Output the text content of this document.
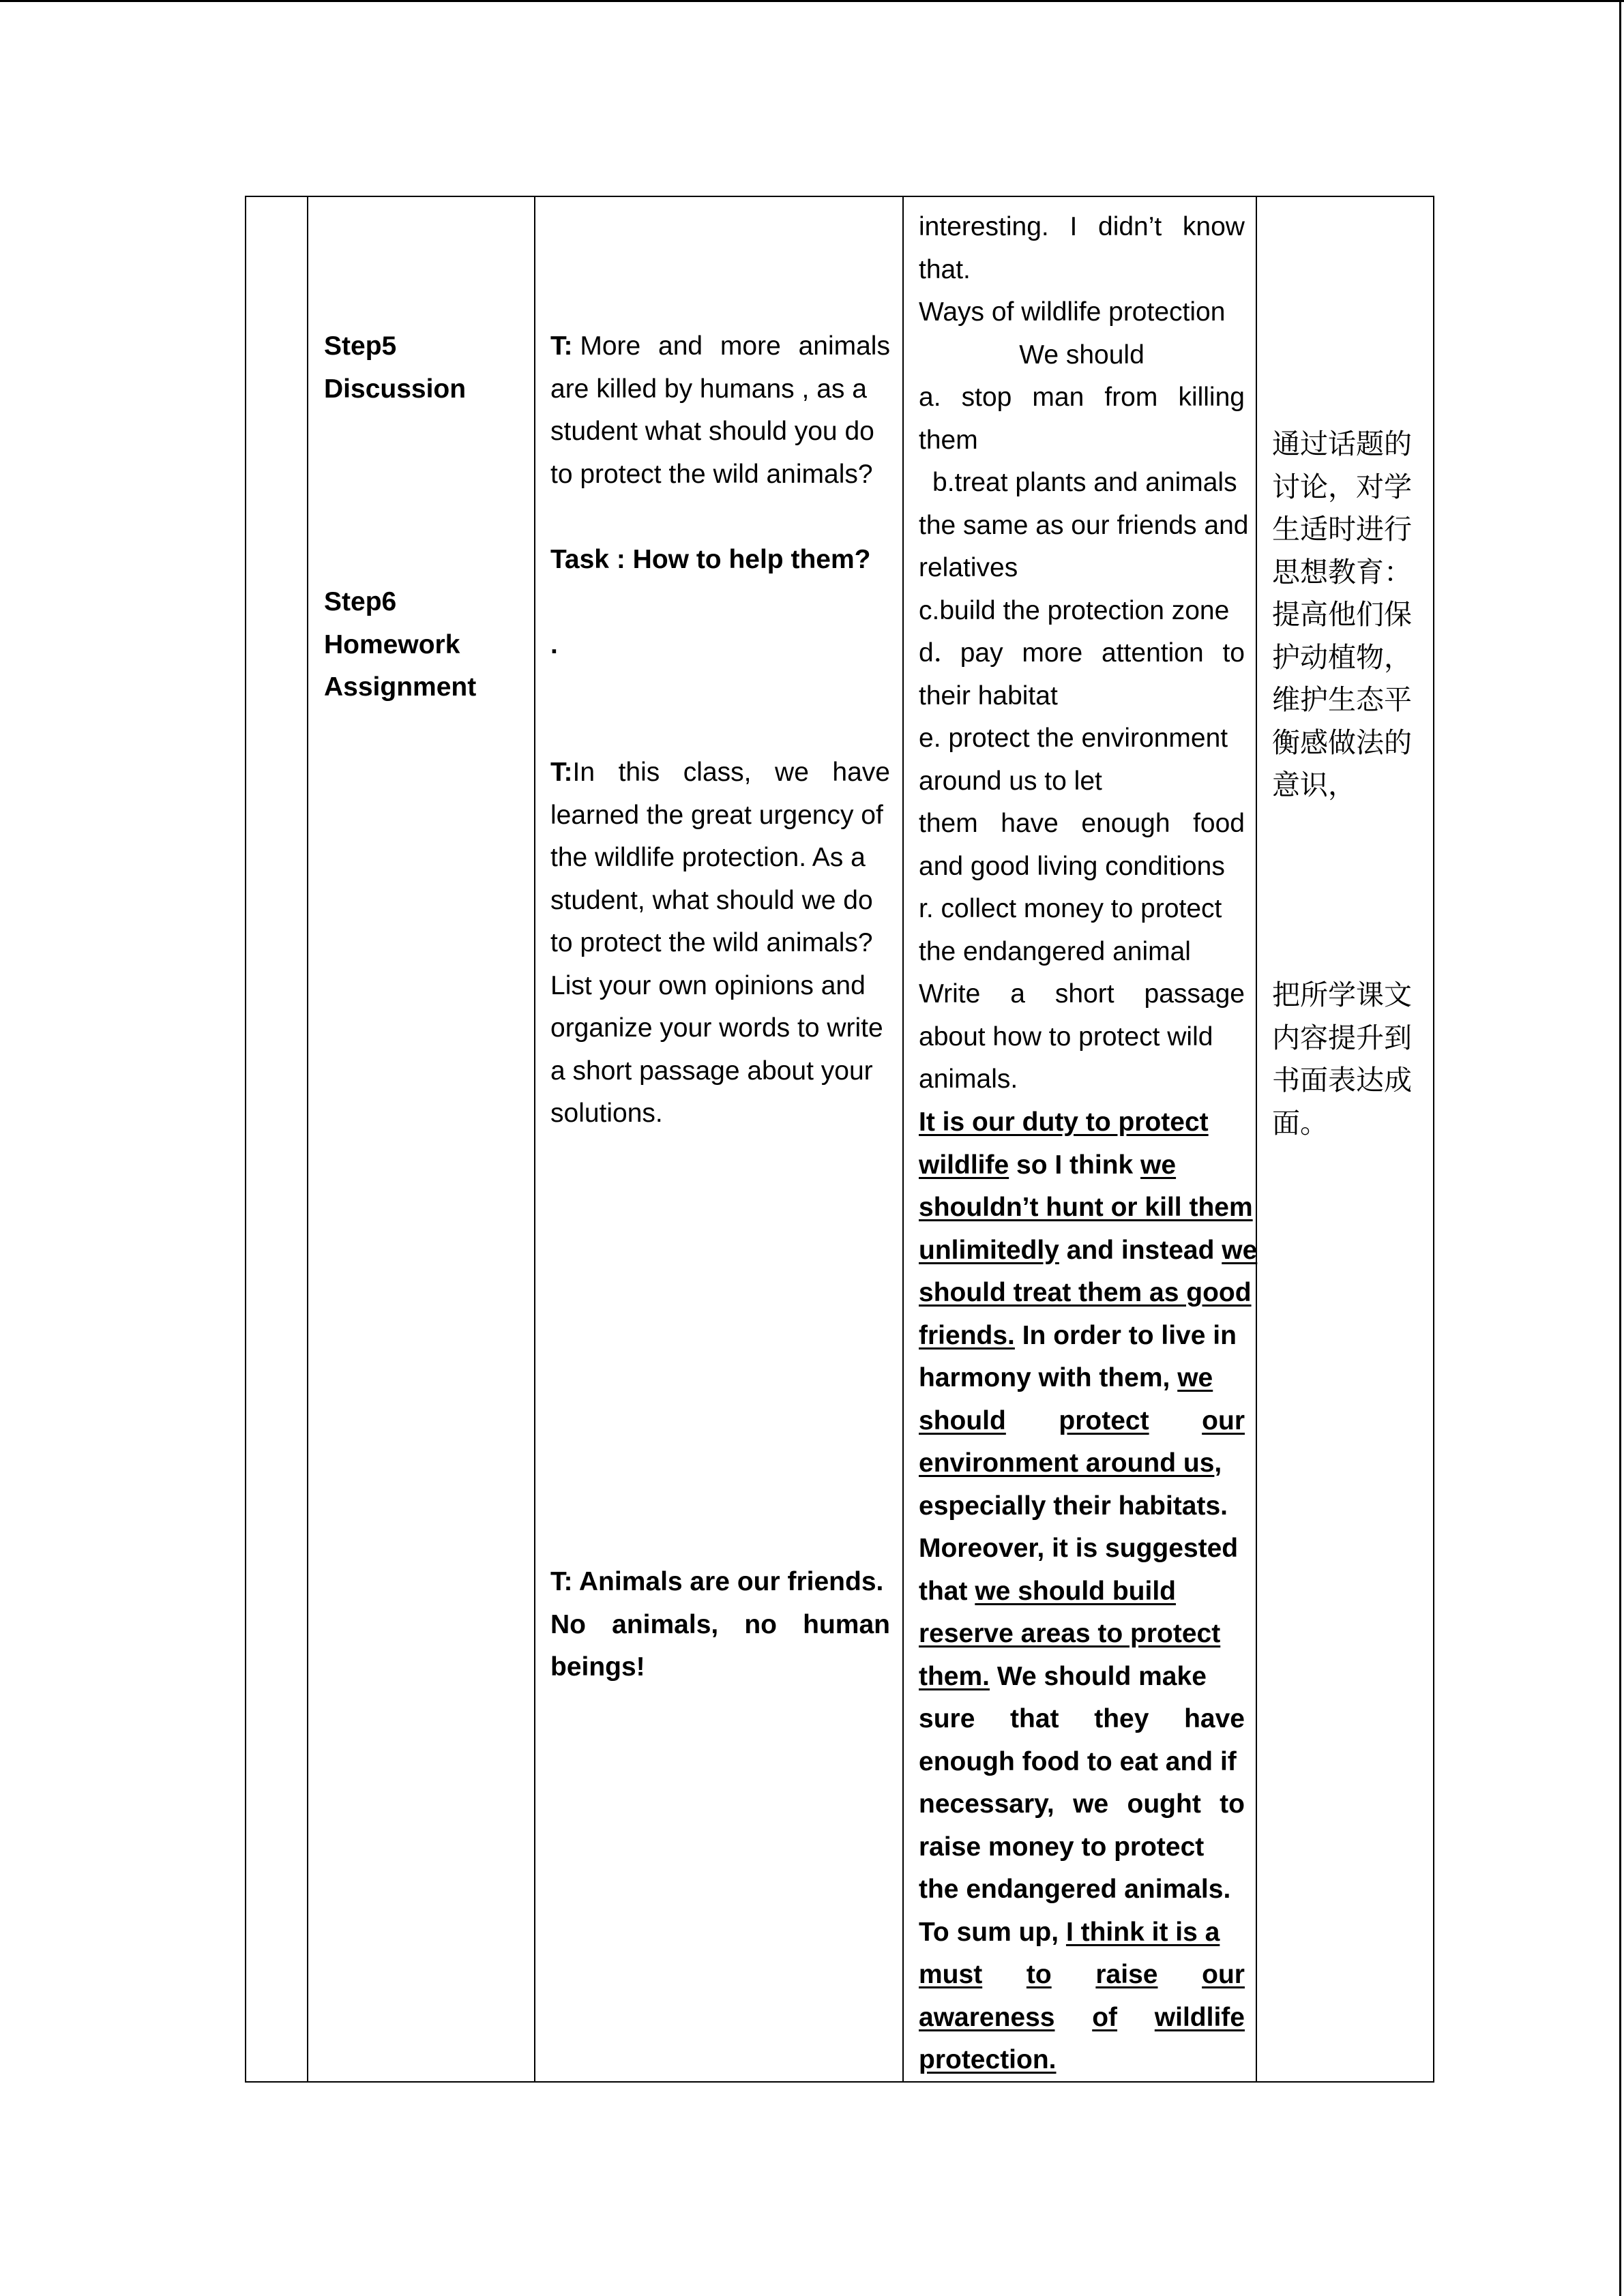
Step5
Discussion
Step6
Homework
Assignment
T: More and more animals
are killed by humans , as a
student what should you do
to protect the wild animals?
Task : How to help them?
.
T:In this class, we have
learned the great urgency of
the wildlife protection. As a
student, what should we do
to protect the wild animals?
List your own opinions and
organize your words to write
a short passage about your
solutions.
T: Animals are our friends.
No animals, no human
beings!
interesting. I didn’t know
that.
Ways of wildlife protection
We should
a. stop man from killing
them
b.treat plants and animals
the same as our friends and
relatives
c.build the protection zone
d．pay more attention to
their habitat
e. protect the environment
around us to let
them have enough food
and good living conditions
r. collect money to protect
the endangered animal
Write a short passage
about how to protect wild
animals.
It is our duty to protect
wildlife so I think we
shouldn’t hunt or kill them
unlimitedly and instead we
should treat them as good
friends. In order to live in
harmony with them, we
should protect our
environment around us,
especially their habitats.
Moreover, it is suggested
that we should build
reserve areas to protect
them. We should make
sure that they have
enough food to eat and if
necessary, we ought to
raise money to protect
the endangered animals.
To sum up, I think it is a
must to raise our
awareness of wildlife
protection.
通过话题的
讨论，对学
生适时进行
思想教育：
提高他们保
护动植物，
维护生态平
衡感做法的
意识，
把所学课文
内容提升到
书面表达成
面。
